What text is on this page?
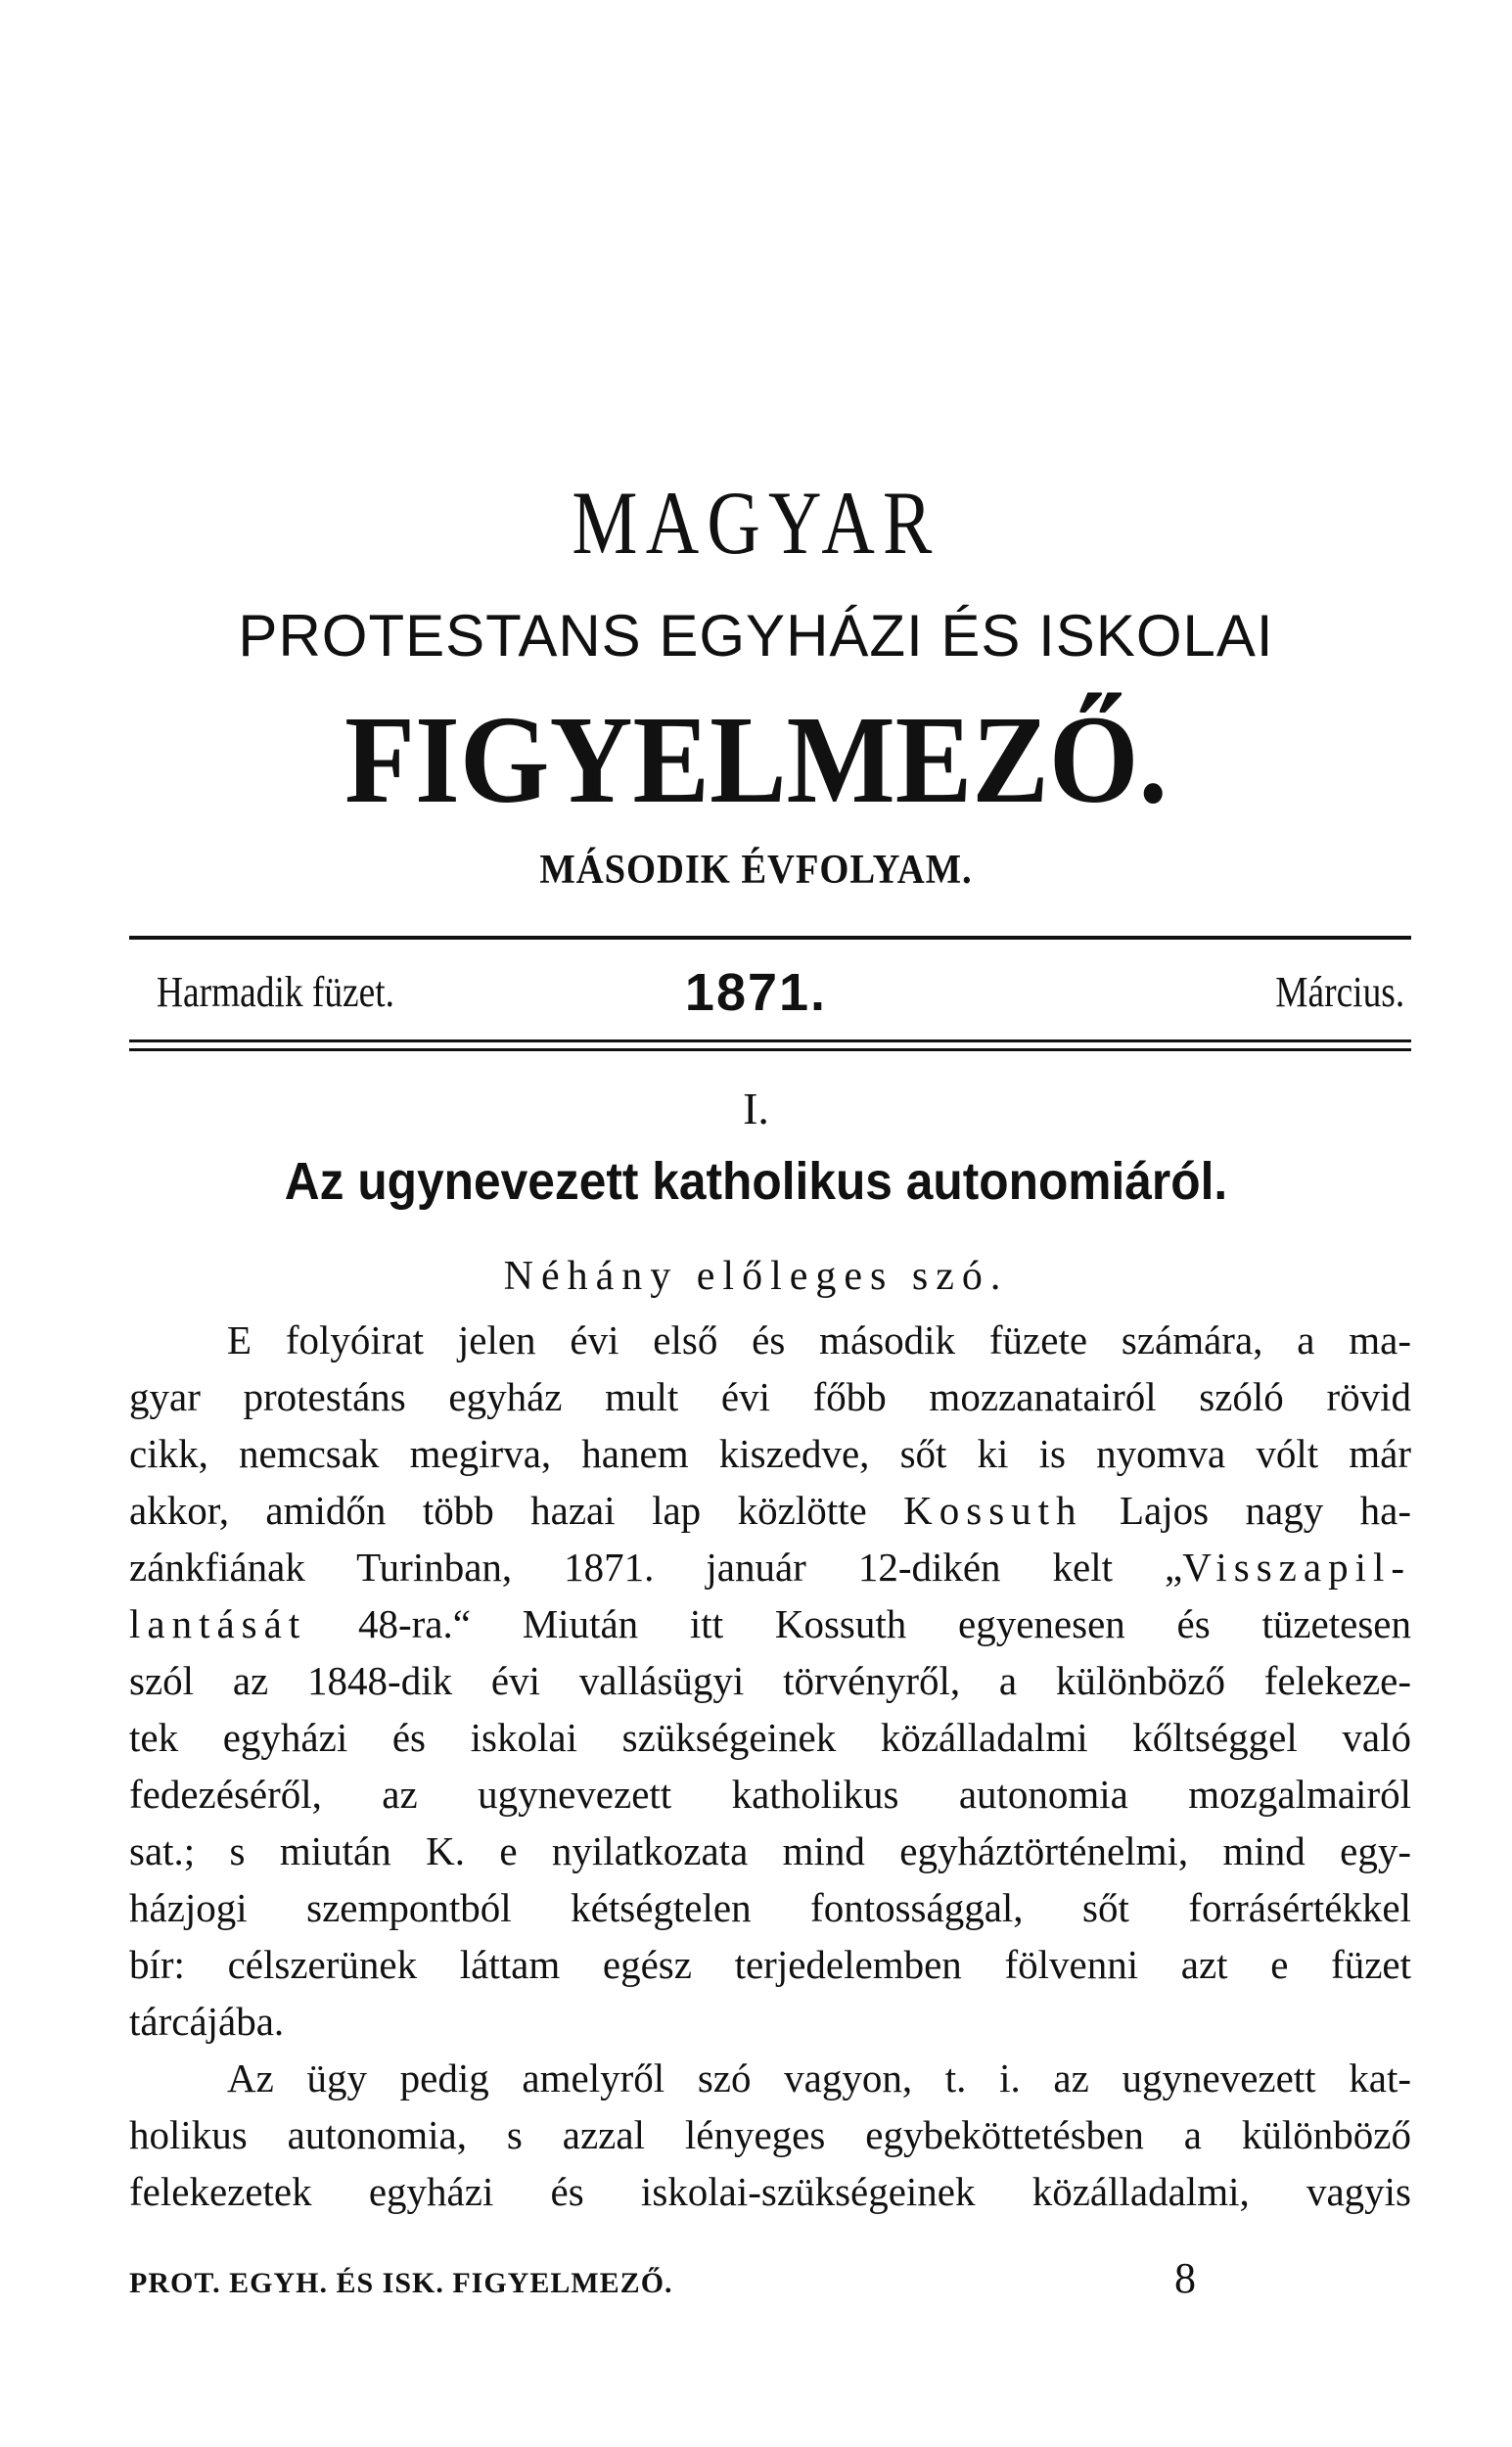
MAGYAR
PROTESTANS EGYHÁZI ÉS ISKOLAI
FIGYELMEZŐ.
MÁSODIK ÉVFOLYAM.
Harmadik füzet.	1871.	Március.
I.
Az ugynevezett katholikus autonomiáról.
Néhány előleges szó.
E folyóirat jelen évi első és második füzete számára, a ma-
gyar protestáns egyház mult évi főbb mozzanatairól szóló rövid
cikk, nemcsak megirva, hanem kiszedve, sőt ki is nyomva vólt már
akkor, amidőn több hazai lap közlötte Kossuth Lajos nagy ha-
zánkfiának Turinban, 1871. január 12-dikén kelt „Visszapil-
lantását 48-ra.“ Miután itt Kossuth egyenesen és tüzetesen
szól az 1848-dik évi vallásügyi törvényről, a különböző felekeze-
tek egyházi és iskolai szükségeinek közálladalmi kőltséggel való
fedezéséről, az ugynevezett katholikus autonomia mozgalmairól
sat.; s miután K. e nyilatkozata mind egyháztörténelmi, mind egy-
házjogi szempontból kétségtelen fontossággal, sőt forrásértékkel
bír: célszerünek láttam egész terjedelemben fölvenni azt e füzet
tárcájába.
Az ügy pedig amelyről szó vagyon, t. i. az ugynevezett kat-
holikus autonomia, s azzal lényeges egybeköttetésben a különböző
felekezetek egyházi és iskolai-szükségeinek közálladalmi, vagyis
PROT. EGYH. ÉS ISK. FIGYELMEZŐ.	8
